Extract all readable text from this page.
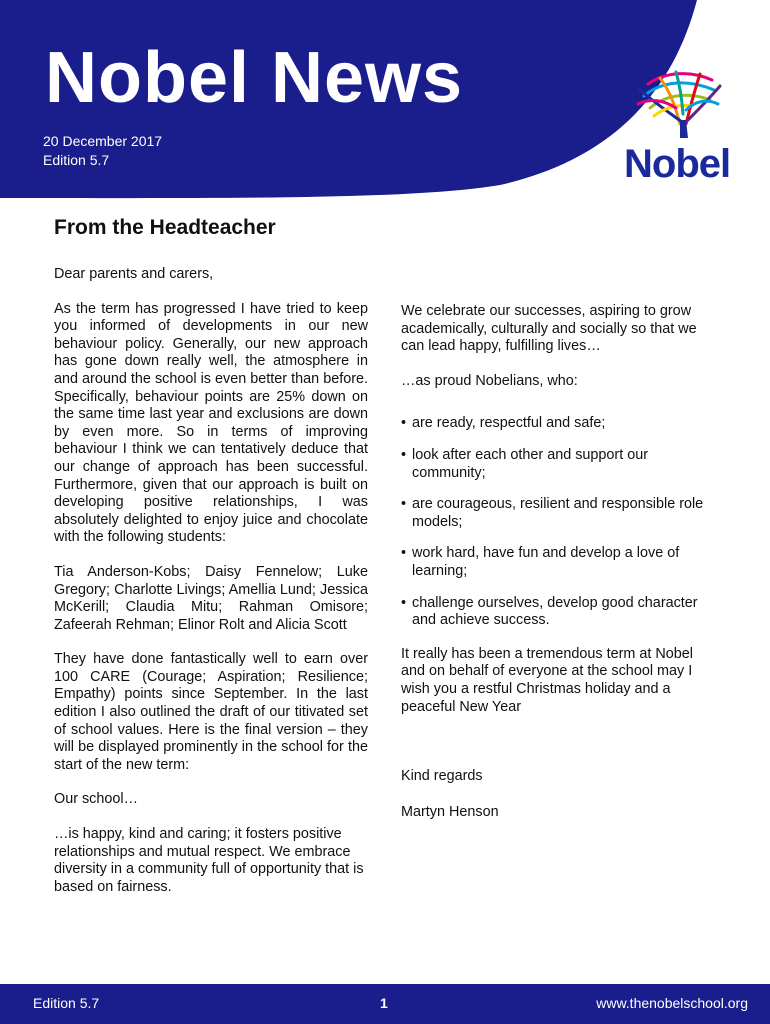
Nobel News
20 December 2017
Edition 5.7	Nobel
From the Headteacher

Dear parents and carers,

As the term has progressed I have tried to keep you informed of developments in our new behaviour policy. Generally, our new approach has gone down really well, the atmosphere in and around the school is even better than before. Specifically, behaviour points are 25% down on the same time last year and exclusions are down by even more. So in terms of improving behaviour I think we can tentatively deduce that our change of approach has been successful. Furthermore, given that our approach is built on developing positive relationships, I was absolutely delighted to enjoy juice and chocolate with the following students:

Tia Anderson-Kobs; Daisy Fennelow; Luke Gregory; Charlotte Livings; Amellia Lund; Jessica McKerill; Claudia Mitu; Rahman Omisore; Zafeerah Rehman; Elinor Rolt and Alicia Scott

They have done fantastically well to earn over 100 CARE (Courage; Aspiration; Resilience; Empathy) points since September. In the last edition I also outlined the draft of our titivated set of school values. Here is the final version – they will be displayed prominently in the school for the start of the new term:

Our school…

…is happy, kind and caring; it fosters positive relationships and mutual respect. We embrace diversity in a community full of opportunity that is based on fairness.

We celebrate our successes, aspiring to grow academically, culturally and socially so that we can lead happy, fulfilling lives…

…as proud Nobelians, who:

• are ready, respectful and safe;
• look after each other and support our community;
• are courageous, resilient and responsible role models;
• work hard, have fun and develop a love of learning;
• challenge ourselves, develop good character and achieve success.

It really has been a tremendous term at Nobel and on behalf of everyone at the school may I wish you a restful Christmas holiday and a peaceful New Year

Kind regards

Martyn Henson

Edition 5.7	1	www.thenobelschool.org
